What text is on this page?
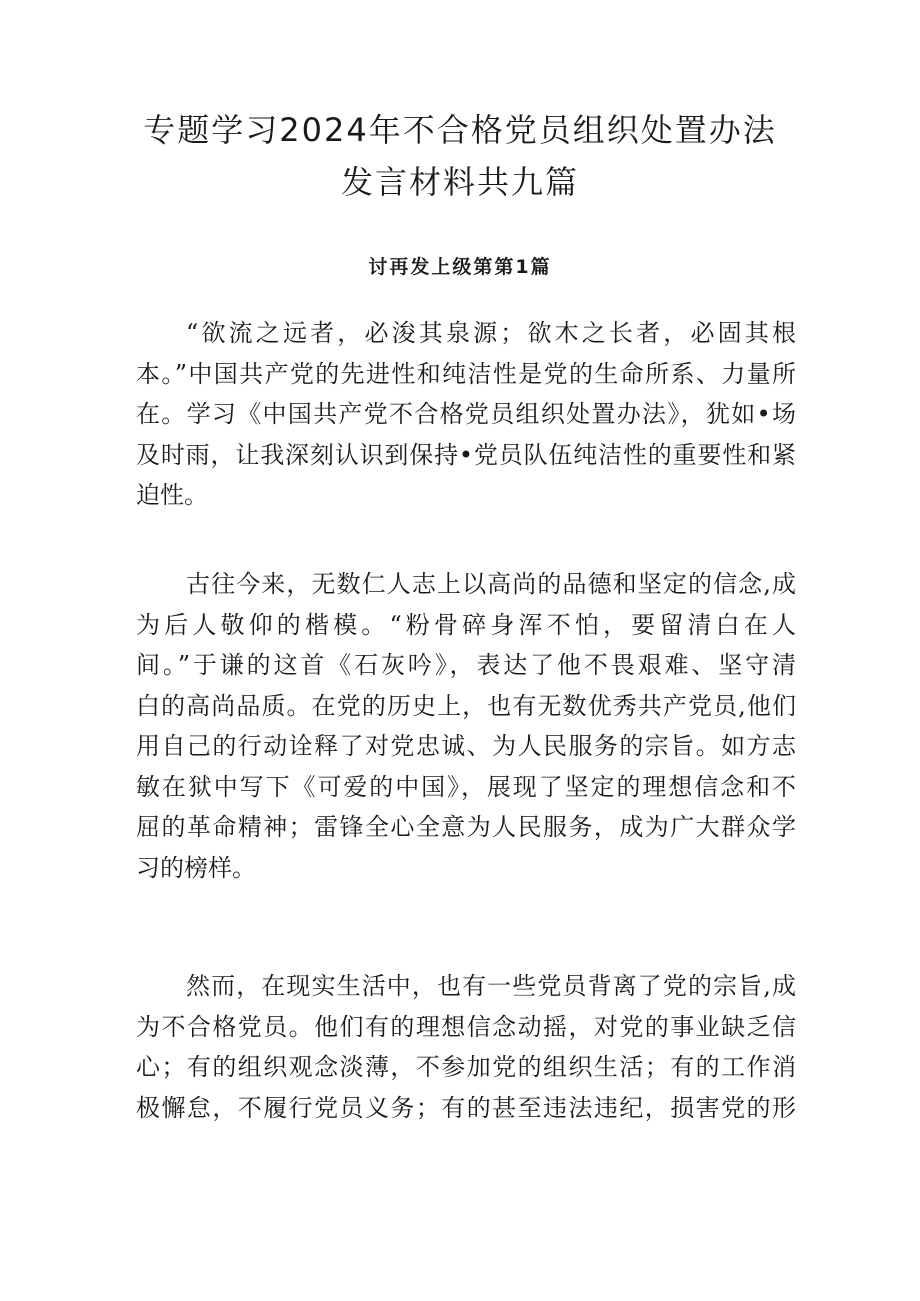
专题学习2024年不合格党员组织处置办法
发言材料共九篇
讨再发上级第第1篇
“欲流之远者，必浚其泉源；欲木之长者，必固其根
本。”中国共产党的先进性和纯洁性是党的生命所系、力量所
在。学习《中国共产党不合格党员组织处置办法》，犹如•场
及时雨，让我深刻认识到保持•党员队伍纯洁性的重要性和紧
迫性。
古往今来，无数仁人志上以高尚的品德和坚定的信念,成
为后人敬仰的楷模。“粉骨碎身浑不怕，要留清白在人
间。”于谦的这首《石灰吟》，表达了他不畏艰难、坚守清
白的高尚品质。在党的历史上，也有无数优秀共产党员,他们
用自己的行动诠释了对党忠诚、为人民服务的宗旨。如方志
敏在狱中写下《可爱的中国》，展现了坚定的理想信念和不
屈的革命精神；雷锋全心全意为人民服务，成为广大群众学
习的榜样。
然而，在现实生活中，也有一些党员背离了党的宗旨,成
为不合格党员。他们有的理想信念动摇，对党的事业缺乏信
心；有的组织观念淡薄，不参加党的组织生活；有的工作消
极懈怠，不履行党员义务；有的甚至违法违纪，损害党的形
